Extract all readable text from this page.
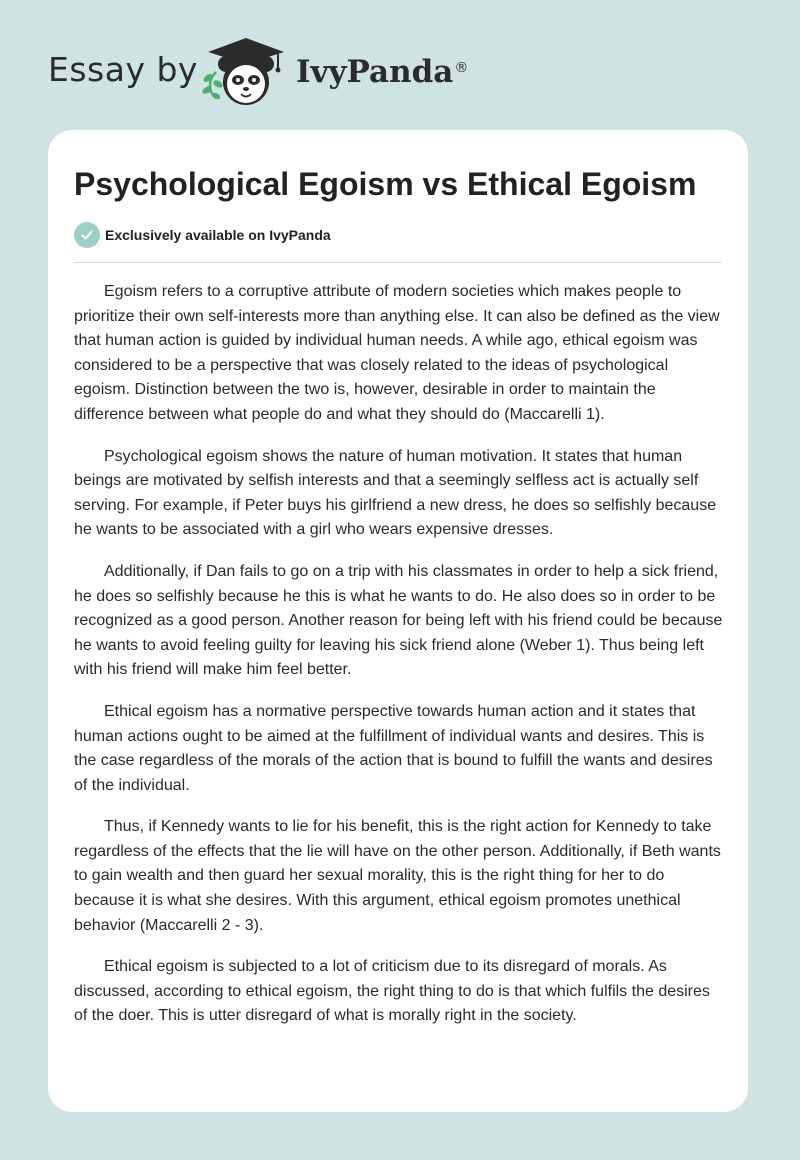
Essay by	IvyPanda®
Psychological Egoism vs Ethical Egoism
Exclusively available on IvyPanda

Egoism refers to a corruptive attribute of modern societies which makes people to prioritize their own self-interests more than anything else. It can also be defined as the view that human action is guided by individual human needs. A while ago, ethical egoism was considered to be a perspective that was closely related to the ideas of psychological egoism. Distinction between the two is, however, desirable in order to maintain the difference between what people do and what they should do (Maccarelli 1).

Psychological egoism shows the nature of human motivation. It states that human beings are motivated by selfish interests and that a seemingly selfless act is actually self serving. For example, if Peter buys his girlfriend a new dress, he does so selfishly because he wants to be associated with a girl who wears expensive dresses.

Additionally, if Dan fails to go on a trip with his classmates in order to help a sick friend, he does so selfishly because he this is what he wants to do. He also does so in order to be recognized as a good person. Another reason for being left with his friend could be because he wants to avoid feeling guilty for leaving his sick friend alone (Weber 1). Thus being left with his friend will make him feel better.

Ethical egoism has a normative perspective towards human action and it states that human actions ought to be aimed at the fulfillment of individual wants and desires. This is the case regardless of the morals of the action that is bound to fulfill the wants and desires of the individual.

Thus, if Kennedy wants to lie for his benefit, this is the right action for Kennedy to take regardless of the effects that the lie will have on the other person. Additionally, if Beth wants to gain wealth and then guard her sexual morality, this is the right thing for her to do because it is what she desires. With this argument, ethical egoism promotes unethical behavior (Maccarelli 2 - 3).

Ethical egoism is subjected to a lot of criticism due to its disregard of morals. As discussed, according to ethical egoism, the right thing to do is that which fulfils the desires of the doer. This is utter disregard of what is morally right in the society.
